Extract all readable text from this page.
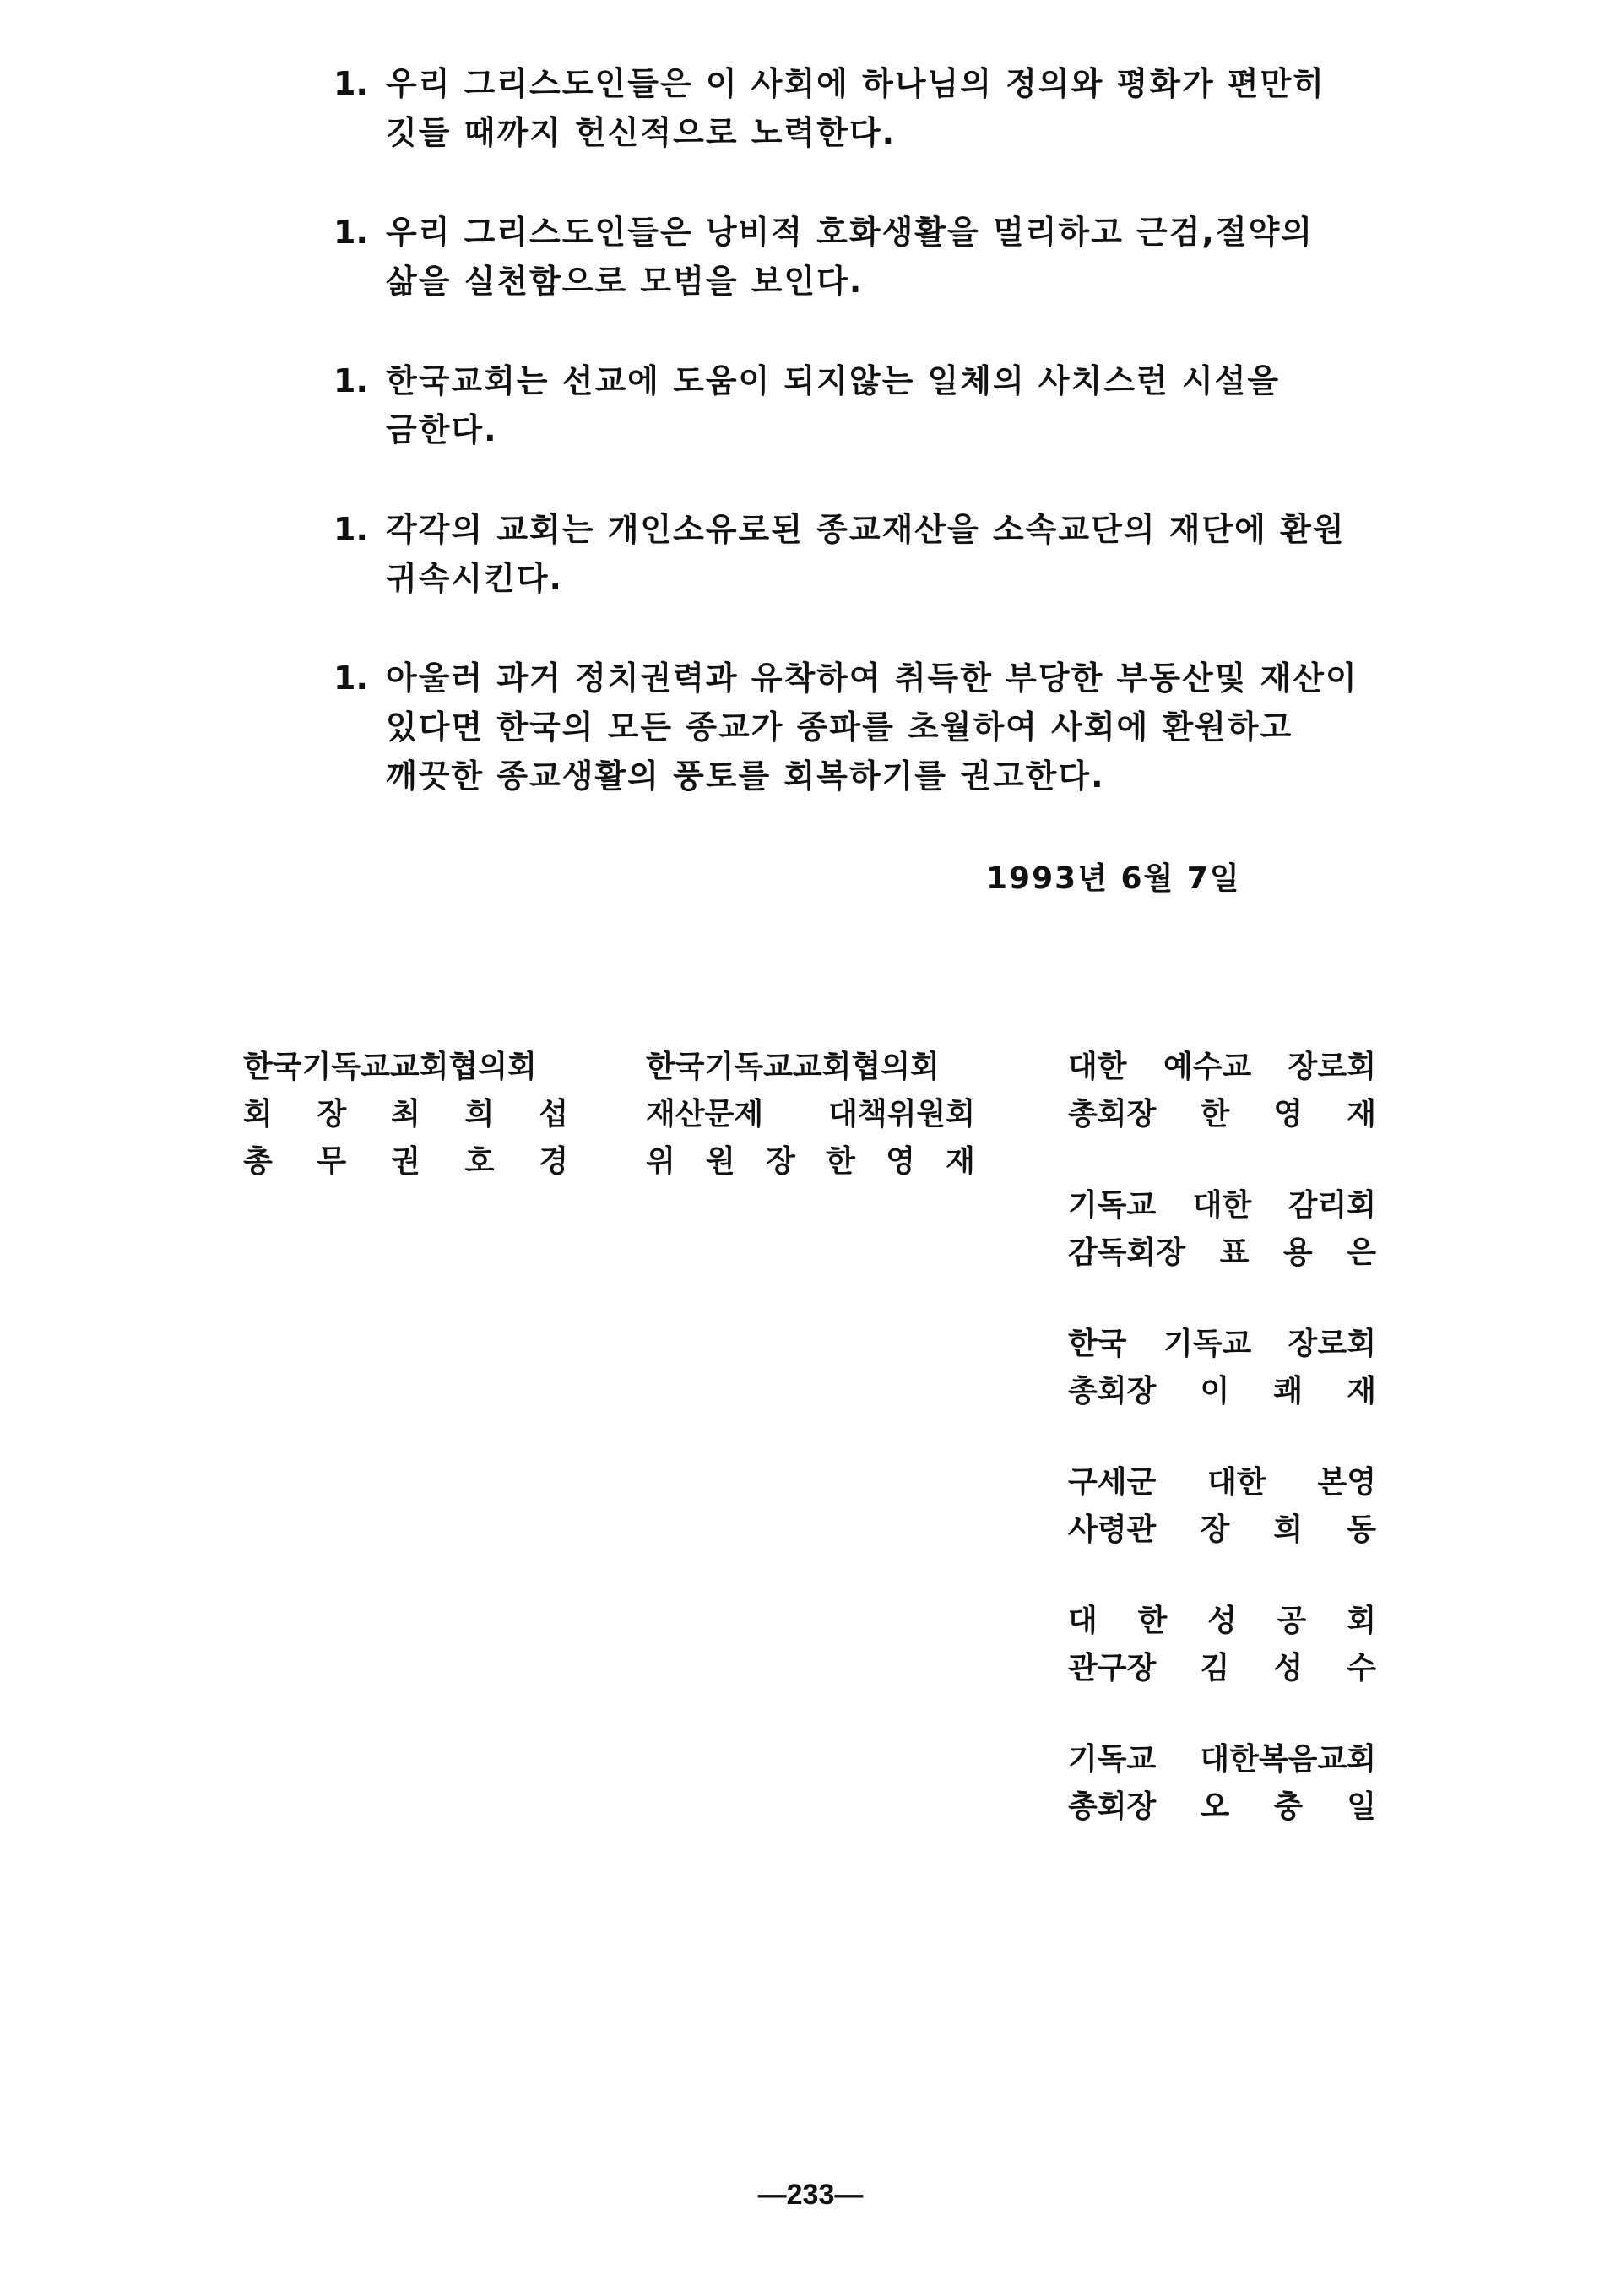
1. 우리 그리스도인들은 이 사회에 하나님의 정의와 평화가 편만히
깃들 때까지 헌신적으로 노력한다.
1. 우리 그리스도인들은 낭비적 호화생활을 멀리하고 근검,절약의
삶을 실천함으로 모범을 보인다.
1. 한국교회는 선교에 도움이 되지않는 일체의 사치스런 시설을
금한다.
1. 각각의 교회는 개인소유로된 종교재산을 소속교단의 재단에 환원
귀속시킨다.
1. 아울러 과거 정치권력과 유착하여 취득한 부당한 부동산및 재산이
있다면 한국의 모든 종교가 종파를 초월하여 사회에 환원하고
깨끗한 종교생활의 풍토를 회복하기를 권고한다.
1993년 6월 7일
한국기독교교회협의회
회 장 최 희 섭
총 무 권 호 경
한국기독교교회협의회
재산문제 대책위원회
위 원 장 한 영 재
대한 예수교 장로회
총회장 한 영 재
기독교 대한 감리회
감독회장 표 용 은
한국 기독교 장로회
총회장 이 쾌 재
구세군 대한 본영
사령관 장 희 동
대 한 성 공 회
관구장 김 성 수
기독교 대한복음교회
총회장 오 충 일
—233—
